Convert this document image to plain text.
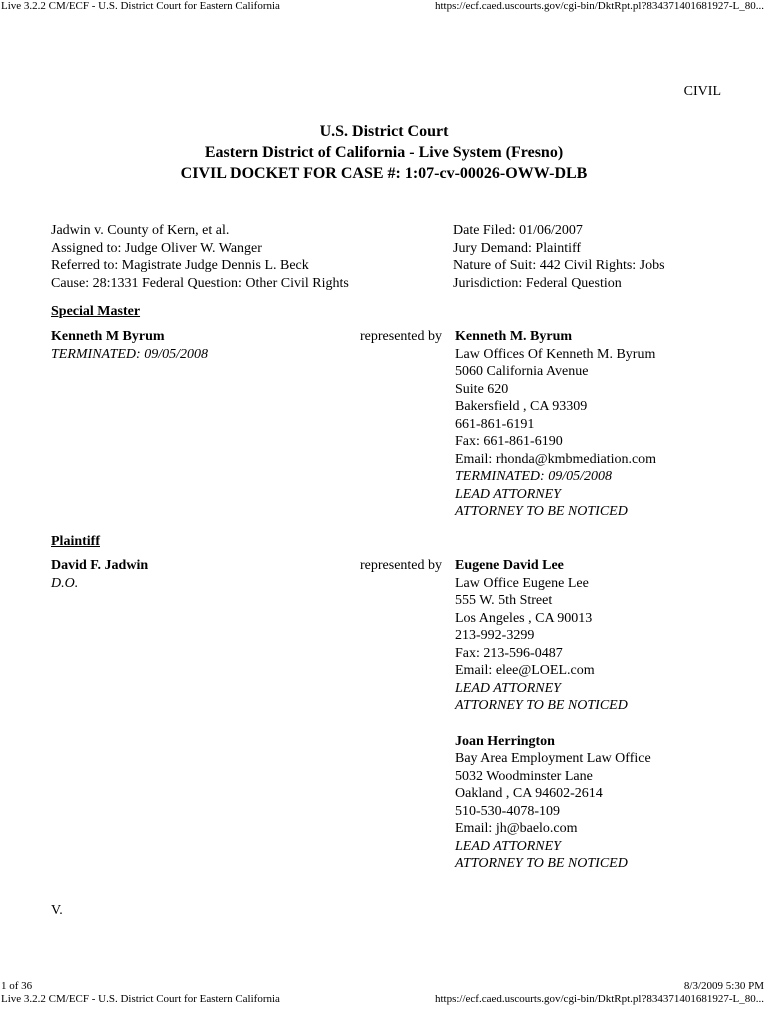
Live 3.2.2 CM/ECF - U.S. District Court for Eastern California	https://ecf.caed.uscourts.gov/cgi-bin/DktRpt.pl?834371401681927-L_80...
CIVIL
U.S. District Court
Eastern District of California - Live System (Fresno)
CIVIL DOCKET FOR CASE #: 1:07-cv-00026-OWW-DLB
Jadwin v. County of Kern, et al.
Assigned to: Judge Oliver W. Wanger
Referred to: Magistrate Judge Dennis L. Beck
Cause: 28:1331 Federal Question: Other Civil Rights
Date Filed: 01/06/2007
Jury Demand: Plaintiff
Nature of Suit: 442 Civil Rights: Jobs
Jurisdiction: Federal Question
Special Master
Kenneth M Byrum
TERMINATED: 09/05/2008
represented by Kenneth M. Byrum
Law Offices Of Kenneth M. Byrum
5060 California Avenue
Suite 620
Bakersfield , CA 93309
661-861-6191
Fax: 661-861-6190
Email: rhonda@kmbmediation.com
TERMINATED: 09/05/2008
LEAD ATTORNEY
ATTORNEY TO BE NOTICED
Plaintiff
David F. Jadwin
D.O.
represented by Eugene David Lee
Law Office Eugene Lee
555 W. 5th Street
Los Angeles , CA 90013
213-992-3299
Fax: 213-596-0487
Email: elee@LOEL.com
LEAD ATTORNEY
ATTORNEY TO BE NOTICED
Joan Herrington
Bay Area Employment Law Office
5032 Woodminster Lane
Oakland , CA 94602-2614
510-530-4078-109
Email: jh@baelo.com
LEAD ATTORNEY
ATTORNEY TO BE NOTICED
V.
1 of 36	8/3/2009 5:30 PM
Live 3.2.2 CM/ECF - U.S. District Court for Eastern California	https://ecf.caed.uscourts.gov/cgi-bin/DktRpt.pl?834371401681927-L_80...
